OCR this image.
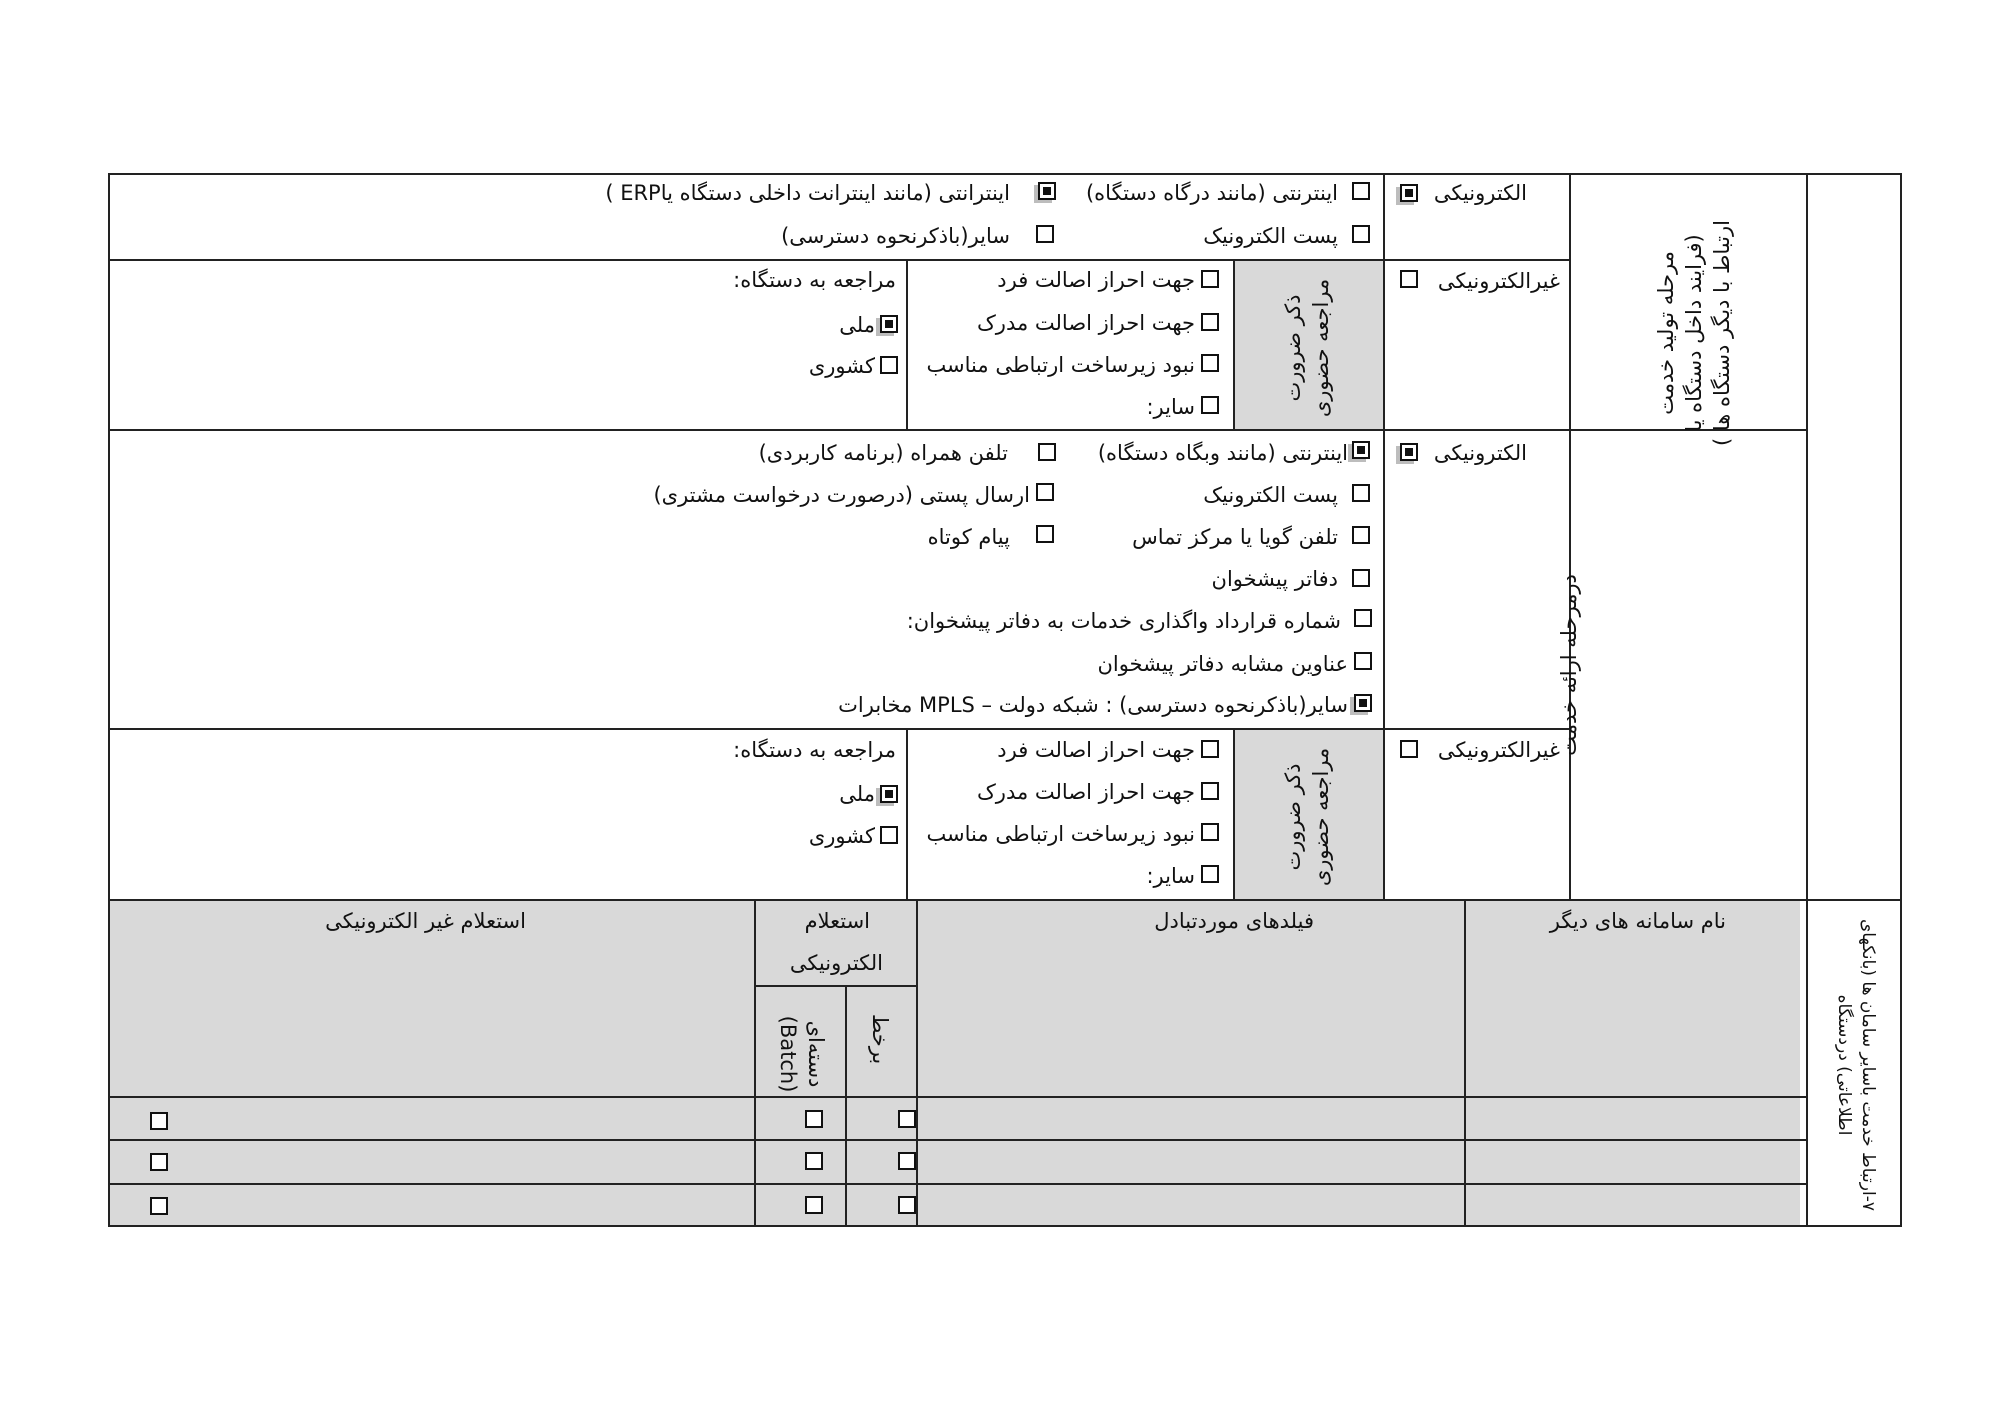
مرحله تولید خدمت (فرایند داخل دستگاه یا ارتباط با دیگر دستگاه ها )
الکترونیکی
اینترنتی (مانند درگاه دستگاه)
اینترانتی (مانند اینترانت داخلی دستگاه یاERP )
پست الکترونیک
سایر(باذکرنحوه دسترسی)
غیرالکترونیکی
ذکر ضرورت مراجعه حضوری
جهت احراز اصالت فرد
جهت احراز اصالت مدرک
نبود زیرساخت ارتباطی مناسب
سایر:
مراجعه به دستگاه:
ملی
کشوری
درمرحله ارائه خدمت
الکترونیکی
اینترنتی (مانند وبگاه دستگاه)
تلفن همراه (برنامه کاربردی)
پست الکترونیک
ارسال پستی (درصورت درخواست مشتری)
تلفن گویا یا مرکز تماس
پیام کوتاه
دفاتر پیشخوان
شماره قرارداد واگذاری خدمات به دفاتر پیشخوان:
عناوین مشابه دفاتر پیشخوان
سایر(باذکرنحوه دسترسی) : شبکه دولت – MPLS مخابرات
غیرالکترونیکی
ذکر ضرورت مراجعه حضوری
جهت احراز اصالت فرد
جهت احراز اصالت مدرک
نبود زیرساخت ارتباطی مناسب
سایر:
مراجعه به دستگاه:
ملی
کشوری
۷-ارتباط خدمت باسایر سامان ها (بانکهای
اطلاعاتی) دردستگاه
نام سامانه های دیگر
فیلدهای موردتبادل
استعلام
الکترونیکی
استعلام غیر الکترونیکی
برخط
دسته‌ای
(Batch)
